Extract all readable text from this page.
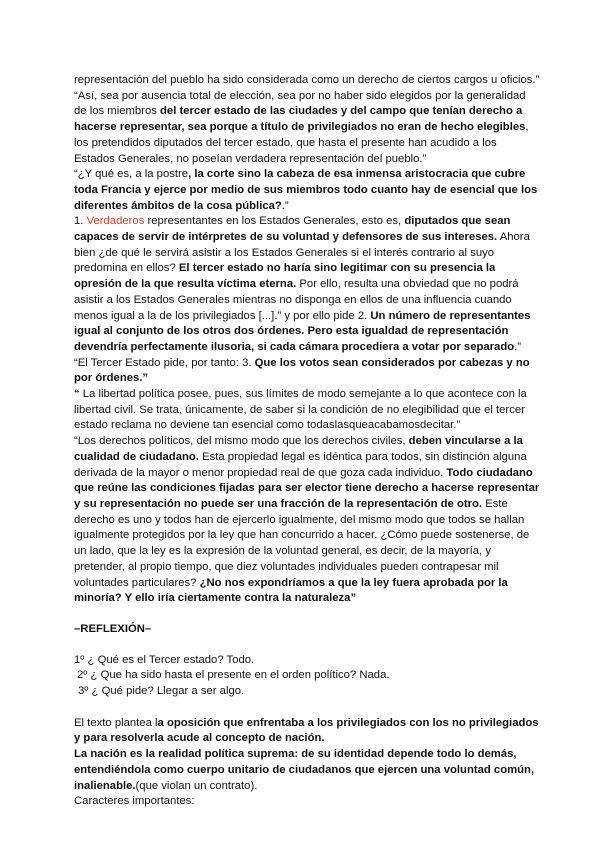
representación del pueblo ha sido considerada como un derecho de ciertos cargos u oficios.”

“Así, sea por ausencia total de elección, sea por no haber sido elegidos por la generalidad de los miembros del tercer estado de las ciudades y del campo que tenían derecho a hacerse representar, sea porque a título de privilegiados no eran de hecho elegibles, los pretendidos diputados del tercer estado, que hasta el presente han acudido a los Estados Generales, no poseían verdadera representación del pueblo.”

“¿Y qué es, a la postre, la corte sino la cabeza de esa inmensa aristocracia que cubre toda Francia y ejerce por medio de sus miembros todo cuanto hay de esencial que los diferentes ámbitos de la cosa pública?.”

1. Verdaderos representantes en los Estados Generales, esto es, diputados que sean capaces de servir de intérpretes de su voluntad y defensores de sus intereses. Ahora bien ¿de qué le servirá asistir a los Estados Generales si el interés contrario al suyo predomina en ellos? El tercer estado no haría sino legitimar con su presencia la opresión de la que resulta víctima eterna. Por ello, resulta una obviedad que no podrá asistir a los Estados Generales mientras no disponga en ellos de una influencia cuando menos igual a la de los privilegiados [...].” y por ello pide 2. Un número de representantes igual al conjunto de los otros dos órdenes. Pero esta igualdad de representación devendría perfectamente ilusoria, si cada cámara procediera a votar por separado.”

“El Tercer Estado pide, por tanto: 3. Que los votos sean considerados por cabezas y no por órdenes.”

“ La libertad política posee, pues, sus límites de modo semejante a lo que acontece con la libertad civil. Se trata, únicamente, de saber si la condición de no elegibilidad que el tercer estado reclama no deviene tan esencial como todaslasqueacabamosdecitar.”

“Los derechos políticos, del mismo modo que los derechos civiles, deben vincularse a la cualidad de ciudadano. Esta propiedad legal es idéntica para todos, sin distinción alguna derivada de la mayor o menor propiedad real de que goza cada individuo. Todo ciudadano que reúne las condiciones fijadas para ser elector tiene derecho a hacerse representar y su representación no puede ser una fracción de la representación de otro. Este derecho es uno y todos han de ejercerlo igualmente, del mismo modo que todos se hallan igualmente protegidos por la ley que han concurrido a hacer. ¿Cómo puede sostenerse, de un lado, que la ley es la expresión de la voluntad general, es decir, de la mayoría, y pretender, al propio tiempo, que diez voluntades individuales pueden contrapesar mil voluntades particulares? ¿No nos expondríamos a que la ley fuera aprobada por la minoría? Y ello iría ciertamente contra la naturaleza”

–REFLEXIÓN–

1º ¿ Qué es el Tercer estado? Todo.

2º ¿ Que ha sido hasta el presente en el orden político? Nada.

3º ¿ Qué pide? Llegar a ser algo.

El texto plantea la oposición que enfrentaba a los privilegiados con los no privilegiados y para resolverla acude al concepto de nación.

La nación es la realidad política suprema: de su identidad depende todo lo demás, entendiéndola como cuerpo unitario de ciudadanos que ejercen una voluntad común, inalienable.(que violan un contrato).

Caracteres importantes:
